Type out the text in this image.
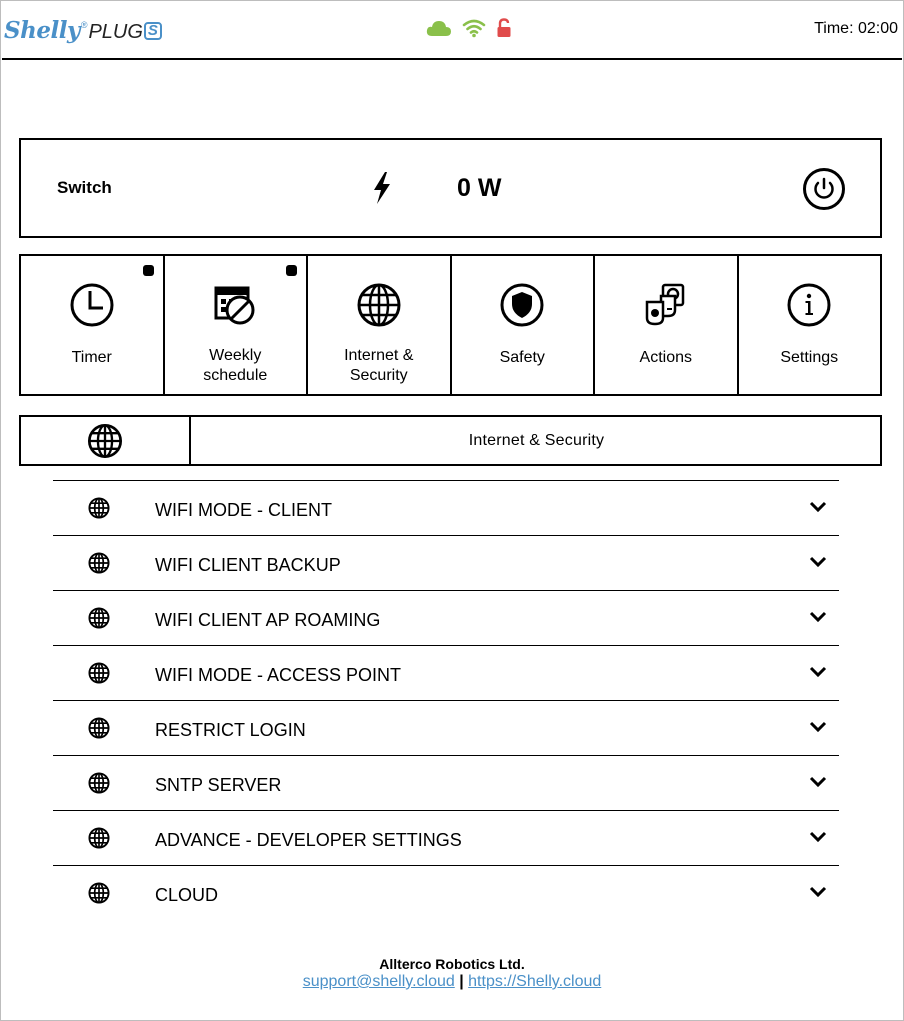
Shelly ® PLUG S	Time: 02:00
Switch	0 W
Timer	Weekly
schedule
Internet &
Security
Safety	Actions	Settings
Internet & Security
WIFI MODE - CLIENT
WIFI CLIENT BACKUP
WIFI CLIENT AP ROAMING
WIFI MODE - ACCESS POINT
RESTRICT LOGIN
SNTP SERVER
ADVANCE - DEVELOPER SETTINGS
CLOUD
Allterco Robotics Ltd.
support@shelly.cloud | https://Shelly.cloud
